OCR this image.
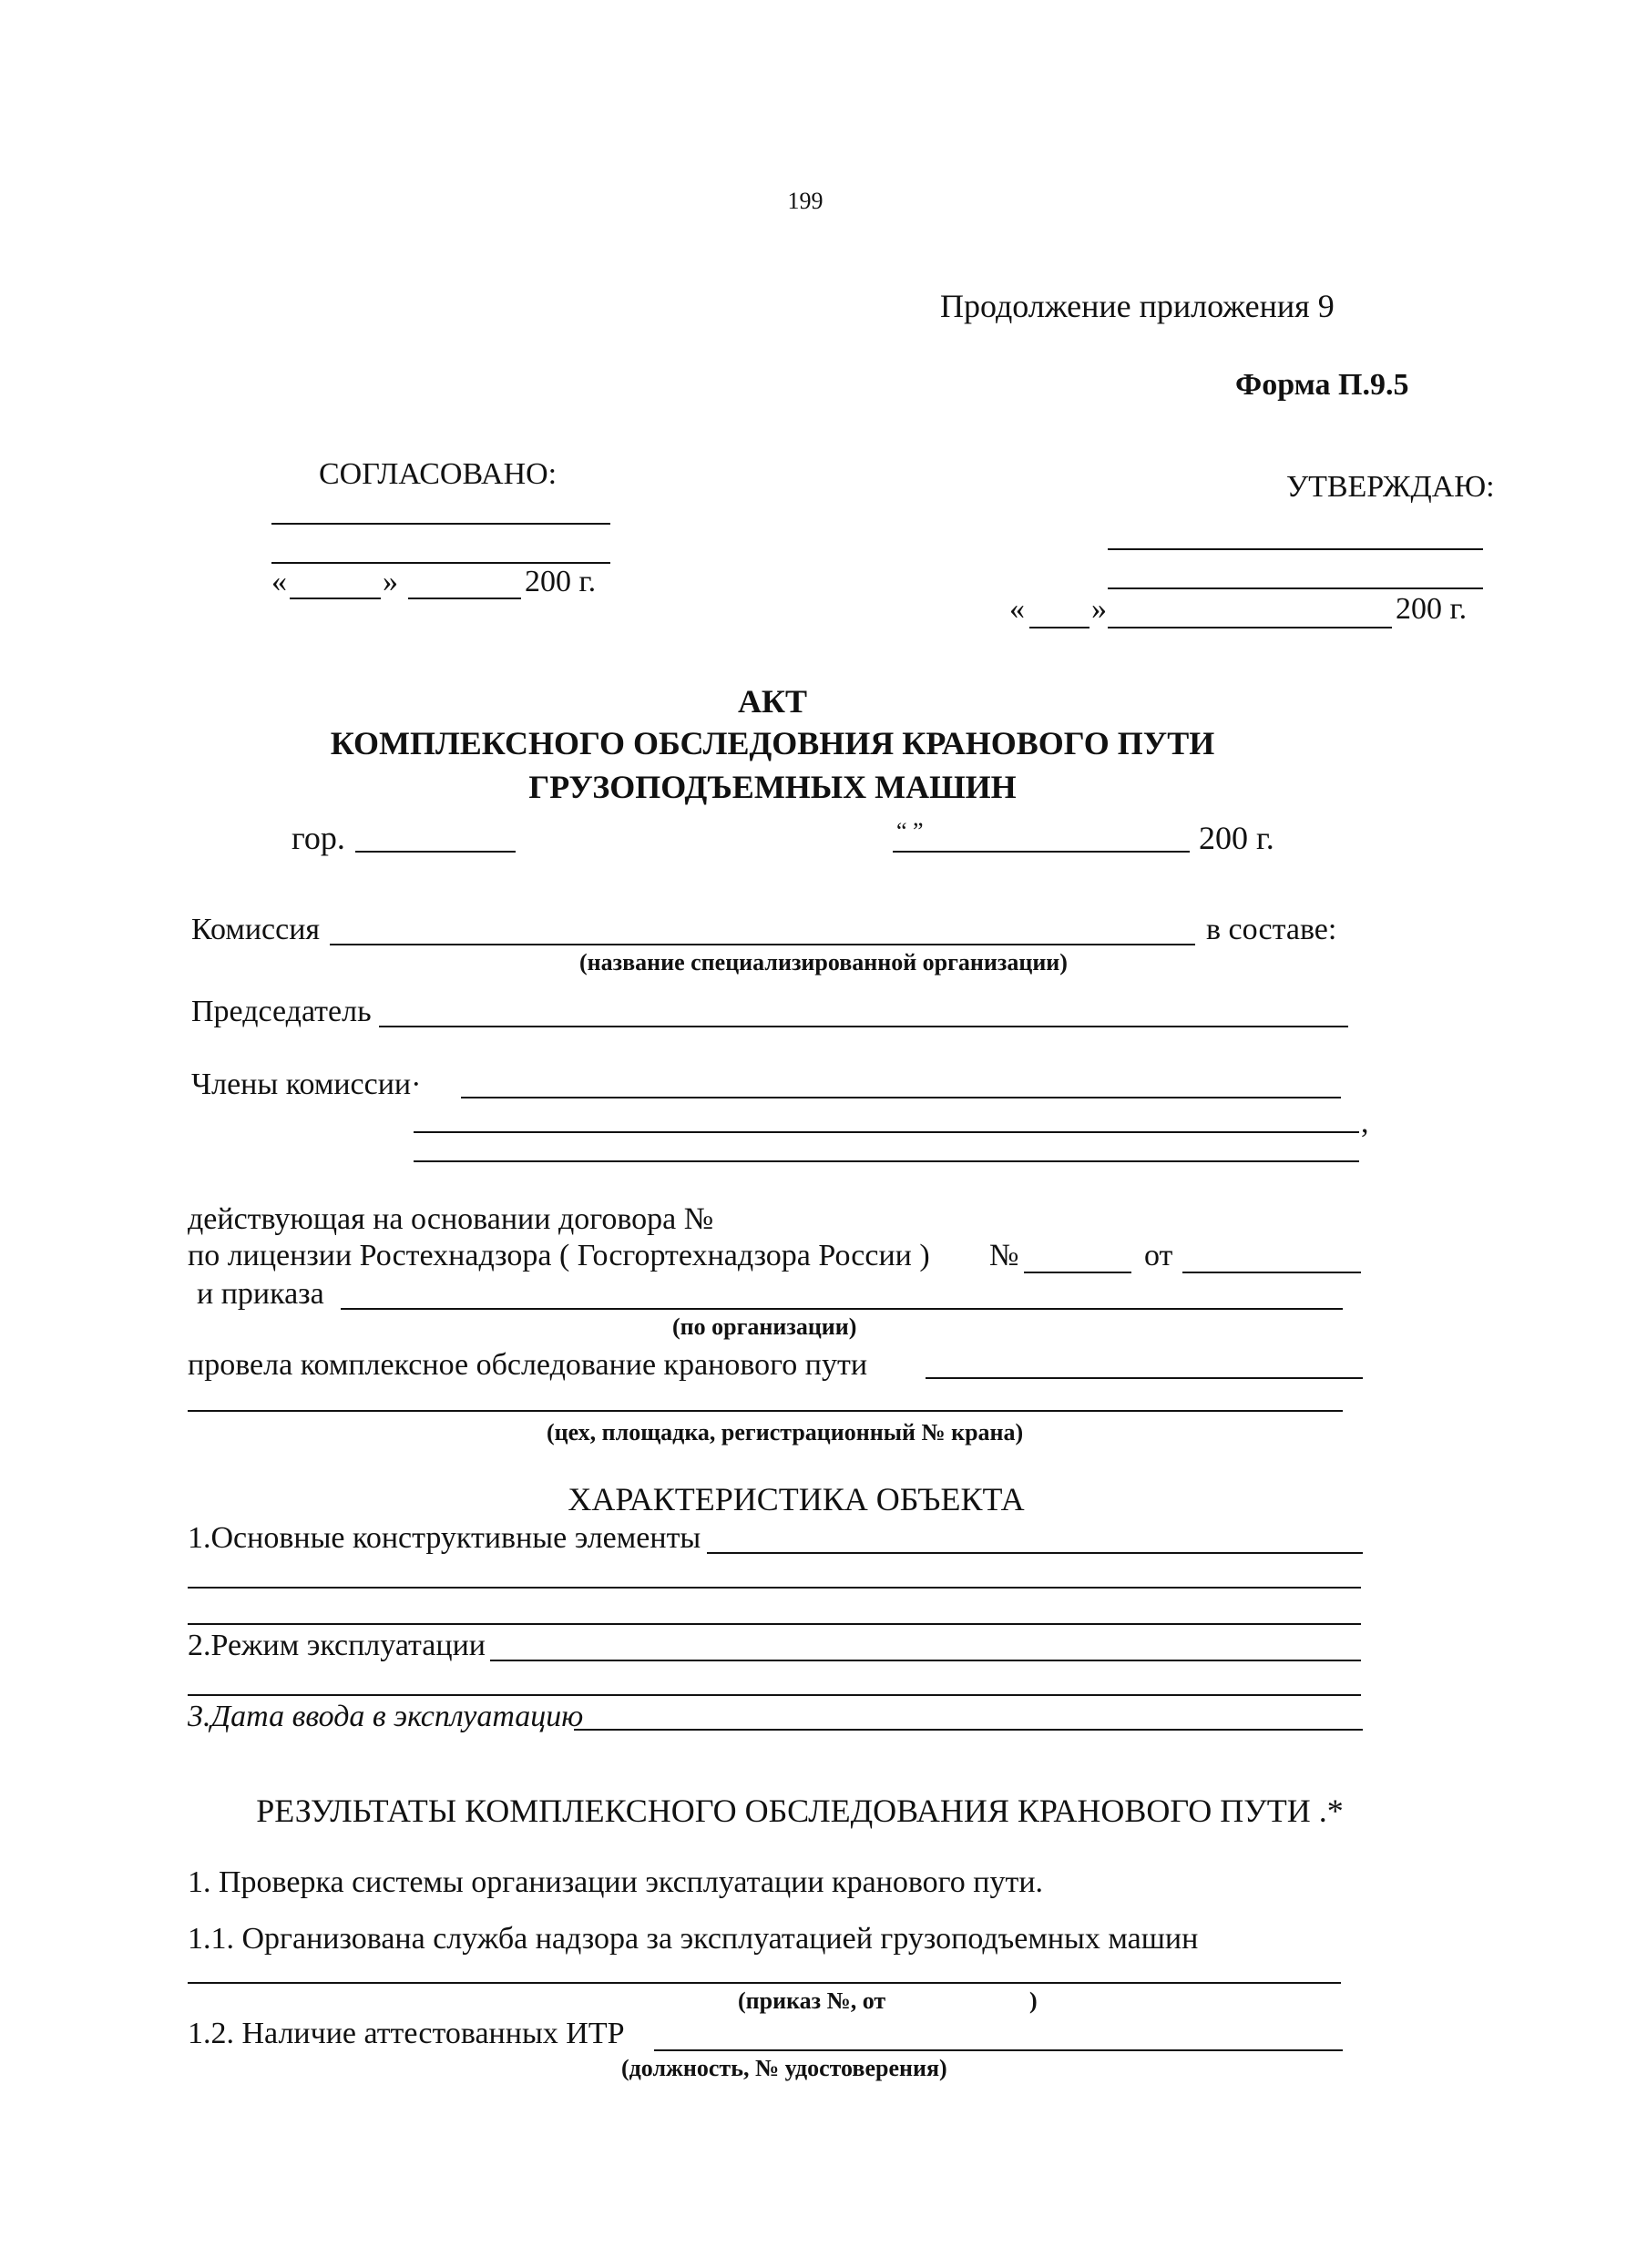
199
Продолжение приложения 9
Форма П.9.5
СОГЛАСОВАНО:
«	»	200 г.
УТВЕРЖДАЮ:
« »	200 г.
АКТ
КОМПЛЕКСНОГО ОБСЛЕДОВНИЯ КРАНОВОГО ПУТИ
ГРУЗОПОДЪЕМНЫХ МАШИН
гор.	“ ”	200 г.
Комиссия	в составе:
(название специализированной организации)
Председатель
Члены комиссии·
,
действующая на основании договора №
по лицензии Ростехнадзора ( Госгортехнадзора России ) №	от
и приказа
(по организации)
провела комплексное обследование кранового пути
(цех, площадка, регистрационный № крана)
ХАРАКТЕРИСТИКА ОБЪЕКТА
1.Основные конструктивные элементы
2.Режим эксплуатации
3.Дата ввода в эксплуатацию
РЕЗУЛЬТАТЫ КОМПЛЕКСНОГО ОБСЛЕДОВАНИЯ КРАНОВОГО ПУТИ .*
1. Проверка системы организации эксплуатации кранового пути.
1.1. Организована служба надзора за эксплуатацией грузоподъемных машин
(приказ №, от	)
1.2. Наличие аттестованных ИТР
(должность, № удостоверения)
